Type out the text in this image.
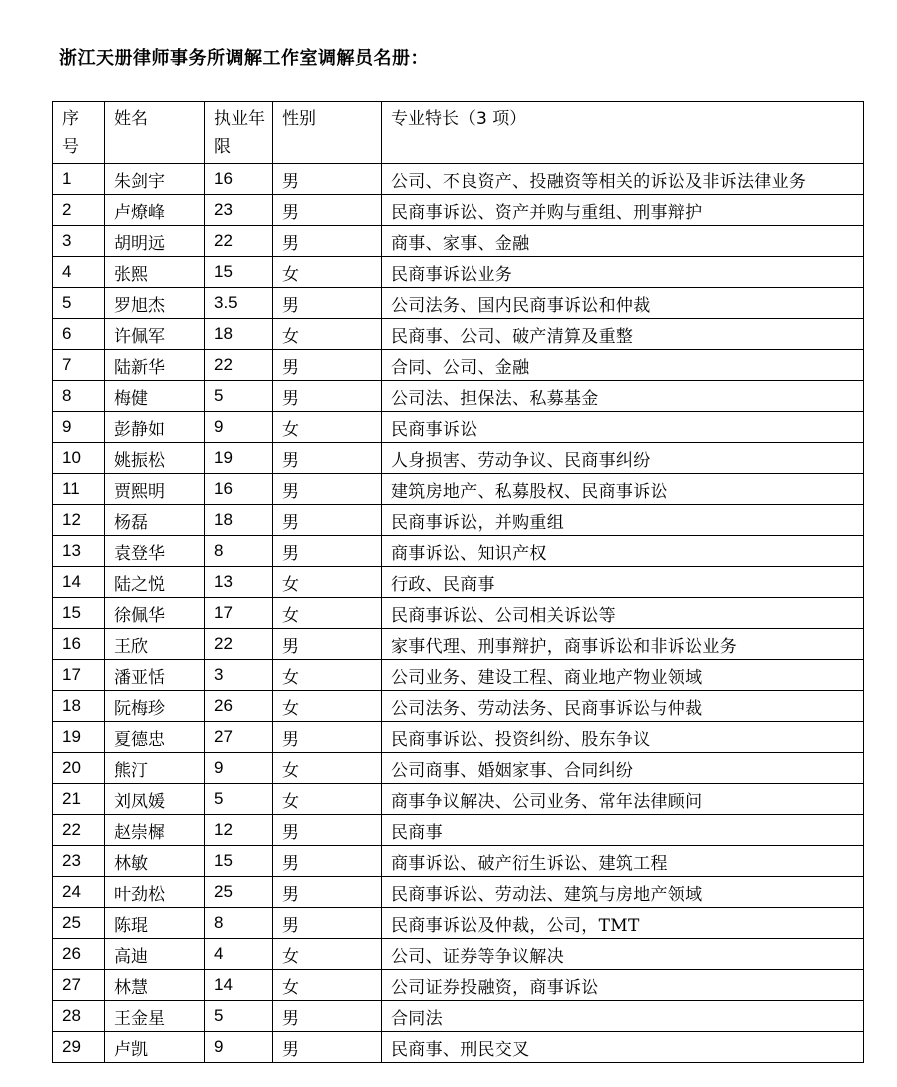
浙江天册律师事务所调解工作室调解员名册：
序号	姓名	执业年限	性别	专业特长（3 项）
1	朱剑宇	16	男	公司、不良资产、投融资等相关的诉讼及非诉法律业务
2	卢燎峰	23	男	民商事诉讼、资产并购与重组、刑事辩护
3	胡明远	22	男	商事、家事、金融
4	张熙	15	女	民商事诉讼业务
5	罗旭杰	3.5	男	公司法务、国内民商事诉讼和仲裁
6	许佩军	18	女	民商事、公司、破产清算及重整
7	陆新华	22	男	合同、公司、金融
8	梅健	5	男	公司法、担保法、私募基金
9	彭静如	9	女	民商事诉讼
10	姚振松	19	男	人身损害、劳动争议、民商事纠纷
11	贾熙明	16	男	建筑房地产、私募股权、民商事诉讼
12	杨磊	18	男	民商事诉讼，并购重组
13	袁登华	8	男	商事诉讼、知识产权
14	陆之悦	13	女	行政、民商事
15	徐佩华	17	女	民商事诉讼、公司相关诉讼等
16	王欣	22	男	家事代理、刑事辩护，商事诉讼和非诉讼业务
17	潘亚恬	3	女	公司业务、建设工程、商业地产物业领域
18	阮梅珍	26	女	公司法务、劳动法务、民商事诉讼与仲裁
19	夏德忠	27	男	民商事诉讼、投资纠纷、股东争议
20	熊汀	9	女	公司商事、婚姻家事、合同纠纷
21	刘凤媛	5	女	商事争议解决、公司业务、常年法律顾问
22	赵崇樨	12	男	民商事
23	林敏	15	男	商事诉讼、破产衍生诉讼、建筑工程
24	叶劲松	25	男	民商事诉讼、劳动法、建筑与房地产领域
25	陈琨	8	男	民商事诉讼及仲裁，公司，TMT
26	高迪	4	女	公司、证券等争议解决
27	林慧	14	女	公司证券投融资，商事诉讼
28	王金星	5	男	合同法
29	卢凯	9	男	民商事、刑民交叉
